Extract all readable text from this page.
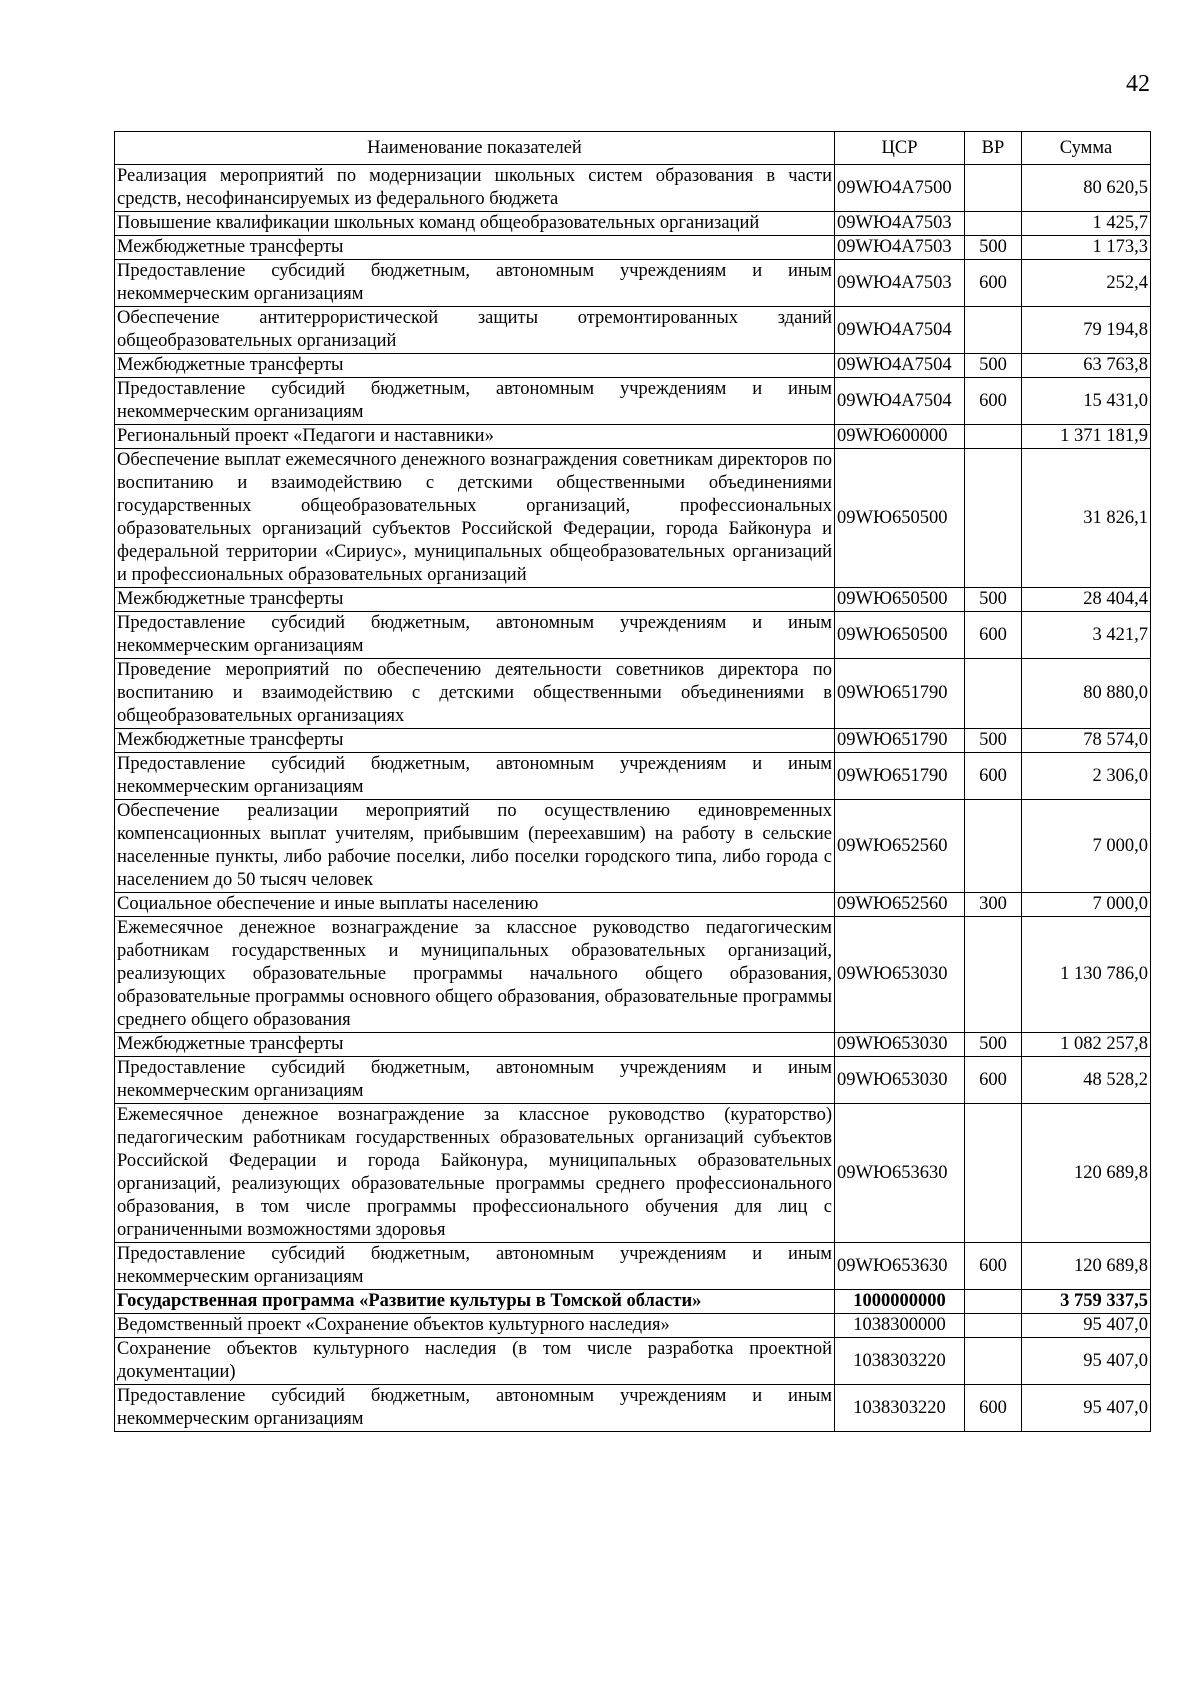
42
Наименование показателей	ЦСР	ВР	Сумма
Реализация мероприятий по модернизации школьных систем образования в части средств, несофинансируемых из федерального бюджета	09WЮ4A7500		80 620,5
Повышение квалификации школьных команд общеобразовательных организаций	09WЮ4A7503		1 425,7
Межбюджетные трансферты	09WЮ4A7503	500	1 173,3
Предоставление субсидий бюджетным, автономным учреждениям и иным некоммерческим организациям	09WЮ4A7503	600	252,4
Обеспечение антитеррористической защиты отремонтированных зданий общеобразовательных организаций	09WЮ4A7504		79 194,8
Межбюджетные трансферты	09WЮ4A7504	500	63 763,8
Предоставление субсидий бюджетным, автономным учреждениям и иным некоммерческим организациям	09WЮ4A7504	600	15 431,0
Региональный проект «Педагоги и наставники»	09WЮ600000		1 371 181,9
Обеспечение выплат ежемесячного денежного вознаграждения советникам директоров по воспитанию и взаимодействию с детскими общественными объединениями государственных общеобразовательных организаций, профессиональных образовательных организаций субъектов Российской Федерации, города Байконура и федеральной территории «Сириус», муниципальных общеобразовательных организаций и профессиональных образовательных организаций	09WЮ650500		31 826,1
Межбюджетные трансферты	09WЮ650500	500	28 404,4
Предоставление субсидий бюджетным, автономным учреждениям и иным некоммерческим организациям	09WЮ650500	600	3 421,7
Проведение мероприятий по обеспечению деятельности советников директора по воспитанию и взаимодействию с детскими общественными объединениями в общеобразовательных организациях	09WЮ651790		80 880,0
Межбюджетные трансферты	09WЮ651790	500	78 574,0
Предоставление субсидий бюджетным, автономным учреждениям и иным некоммерческим организациям	09WЮ651790	600	2 306,0
Обеспечение реализации мероприятий по осуществлению единовременных компенсационных выплат учителям, прибывшим (переехавшим) на работу в сельские населенные пункты, либо рабочие поселки, либо поселки городского типа, либо города с населением до 50 тысяч человек	09WЮ652560		7 000,0
Социальное обеспечение и иные выплаты населению	09WЮ652560	300	7 000,0
Ежемесячное денежное вознаграждение за классное руководство педагогическим работникам государственных и муниципальных образовательных организаций, реализующих образовательные программы начального общего образования, образовательные программы основного общего образования, образовательные программы среднего общего образования	09WЮ653030		1 130 786,0
Межбюджетные трансферты	09WЮ653030	500	1 082 257,8
Предоставление субсидий бюджетным, автономным учреждениям и иным некоммерческим организациям	09WЮ653030	600	48 528,2
Ежемесячное денежное вознаграждение за классное руководство (кураторство) педагогическим работникам государственных образовательных организаций субъектов Российской Федерации и города Байконура, муниципальных образовательных организаций, реализующих образовательные программы среднего профессионального образования, в том числе программы профессионального обучения для лиц с ограниченными возможностями здоровья	09WЮ653630		120 689,8
Предоставление субсидий бюджетным, автономным учреждениям и иным некоммерческим организациям	09WЮ653630	600	120 689,8
Государственная программа «Развитие культуры в Томской области»	1000000000		3 759 337,5
Ведомственный проект «Сохранение объектов культурного наследия»	1038300000		95 407,0
Сохранение объектов культурного наследия (в том числе разработка проектной документации)	1038303220		95 407,0
Предоставление субсидий бюджетным, автономным учреждениям и иным некоммерческим организациям	1038303220	600	95 407,0
